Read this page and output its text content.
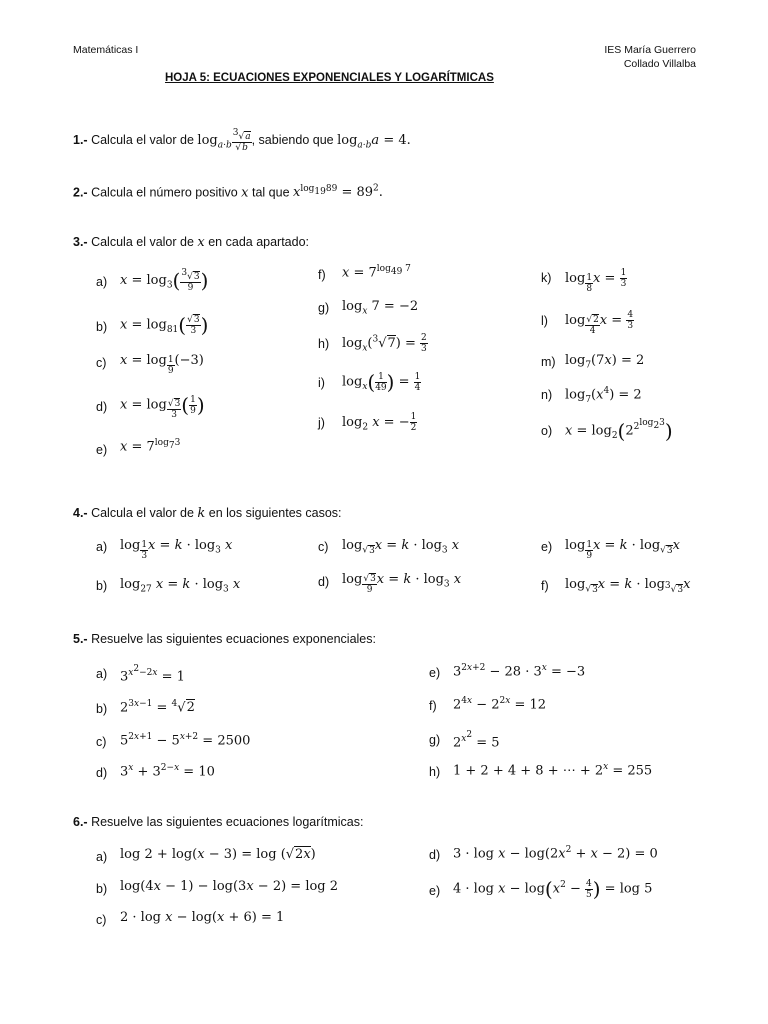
Matemáticas I	IES María Guerrero
Collado Villalba
HOJA 5: ECUACIONES EXPONENCIALES Y LOGARÍTMICAS
1.- Calcula el valor de $\log_{a\cdot b} \frac{^3√a}{√b}$ , sabiendo que $\log_{a\cdot b}a = 4$.
2.- Calcula el número positivo x tal que $x^{log_{19}89} = 89^2$.
3.- Calcula el valor de x en cada apartado:
a) $x = \log_3( \frac{^3√3}{9}$ )
b) $x = \log_{81}( \frac{√3}{3}$ )
c) x = log $_{\frac{1}{9}}$ (−3)
d) x = log $_{\frac{√3}{3}}$ ( $\frac{1}{9}$ )
e) $x = 7^{log_73}$
f) $x = 7^{log_{49} 7}$
g) $\log_x 7 = -2$
h) $\log_x(^3√7) = \frac{2}{3}$
i) $\log_x( \frac{1}{49}$ ) = $\frac{1}{4}$
j) $\log_2 x$ = − $\frac{1}{2}$
k) log $_{\frac{1}{8}}$ $x = \frac{1}{3}$
l) log $_{\frac{√2}{4}}$ $x = \frac{4}{3}$
m) $\log_7(7x) = 2$
n) $\log_7(x^4) = 2$
o) $x = \log_2(2^{2^{log_23}})$
4.- Calcula el valor de k en los siguientes casos:
a) log $_{\frac{1}{3}}$ $x = k \cdot \log_3 x$
b) $\log_{27} x = k \cdot \log_3 x$
c) $\log_{√3}x = k \cdot \log_3 x$
d) log $_{\frac{√3}{9}}$ $x = k \cdot \log_3 x$
e) log $_{\frac{1}{9}}$ $x = k \cdot \log_{√3}x$
f) $\log_{√3}x = k \cdot \log_{^3√3}x$
5.- Resuelve las siguientes ecuaciones exponenciales:
a) $3^{x^2-2x} = 1$
b) $2^{3x-1} = ^4√2$
c) $5^{2x+1} - 5^{x+2} = 2500$
d) $3^x + 3^{2-x} = 10$
e) $3^{2x+2} - 28 \cdot 3^x = -3$
f) $2^{4x} - 2^{2x} = 12$
g) $2^{x^2} = 5$
h) 1 + 2 + 4 + 8 + ⋯ + $2^x = 255$
6.- Resuelve las siguientes ecuaciones logarítmicas:
a) log 2 + log(x − 3) = log (√2x)
b) log(4x − 1) − log(3x − 2) = log 2
c) 2 · log x − log(x + 6) = 1
d) $3 \cdot \log x - \log(2x^2 + x - 2) = 0$
e) $4 \cdot \log x - \log(x^2 - \frac{4}{5}$ ) = log 5
